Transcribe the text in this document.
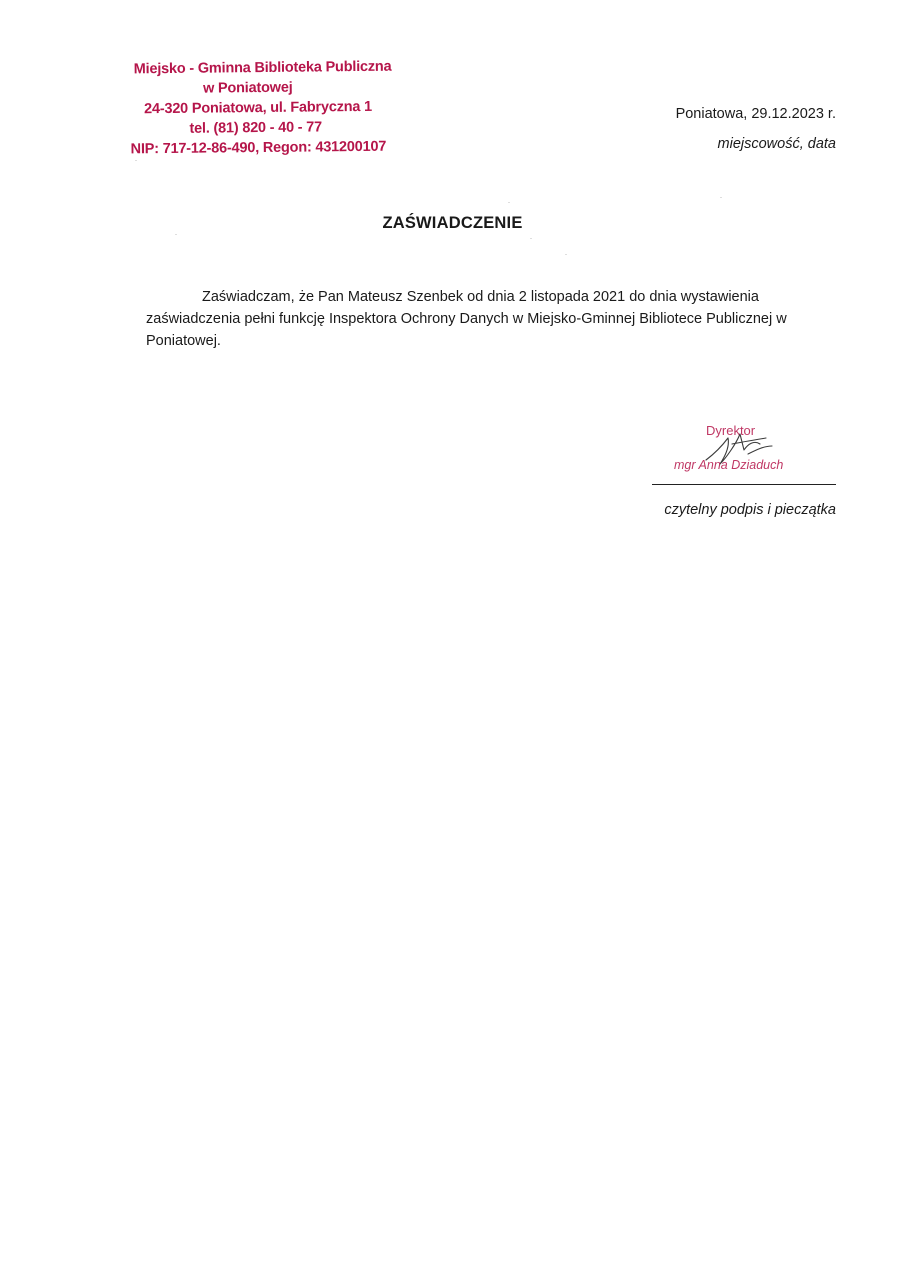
Miejsko - Gminna Biblioteka Publiczna
w Poniatowej
24-320 Poniatowa, ul. Fabryczna 1
tel. (81) 820 - 40 - 77
NIP: 717-12-86-490, Regon: 431200107
Poniatowa, 29.12.2023 r.
miejscowość, data
ZAŚWIADCZENIE
Zaświadczam, że Pan Mateusz Szenbek od dnia 2 listopada 2021 do dnia wystawienia zaświadczenia pełni funkcję Inspektora Ochrony Danych w Miejsko-Gminnej Bibliotece Publicznej w Poniatowej.
Dyrektor
mgr Anna Dziaduch
czytelny podpis i pieczątka
